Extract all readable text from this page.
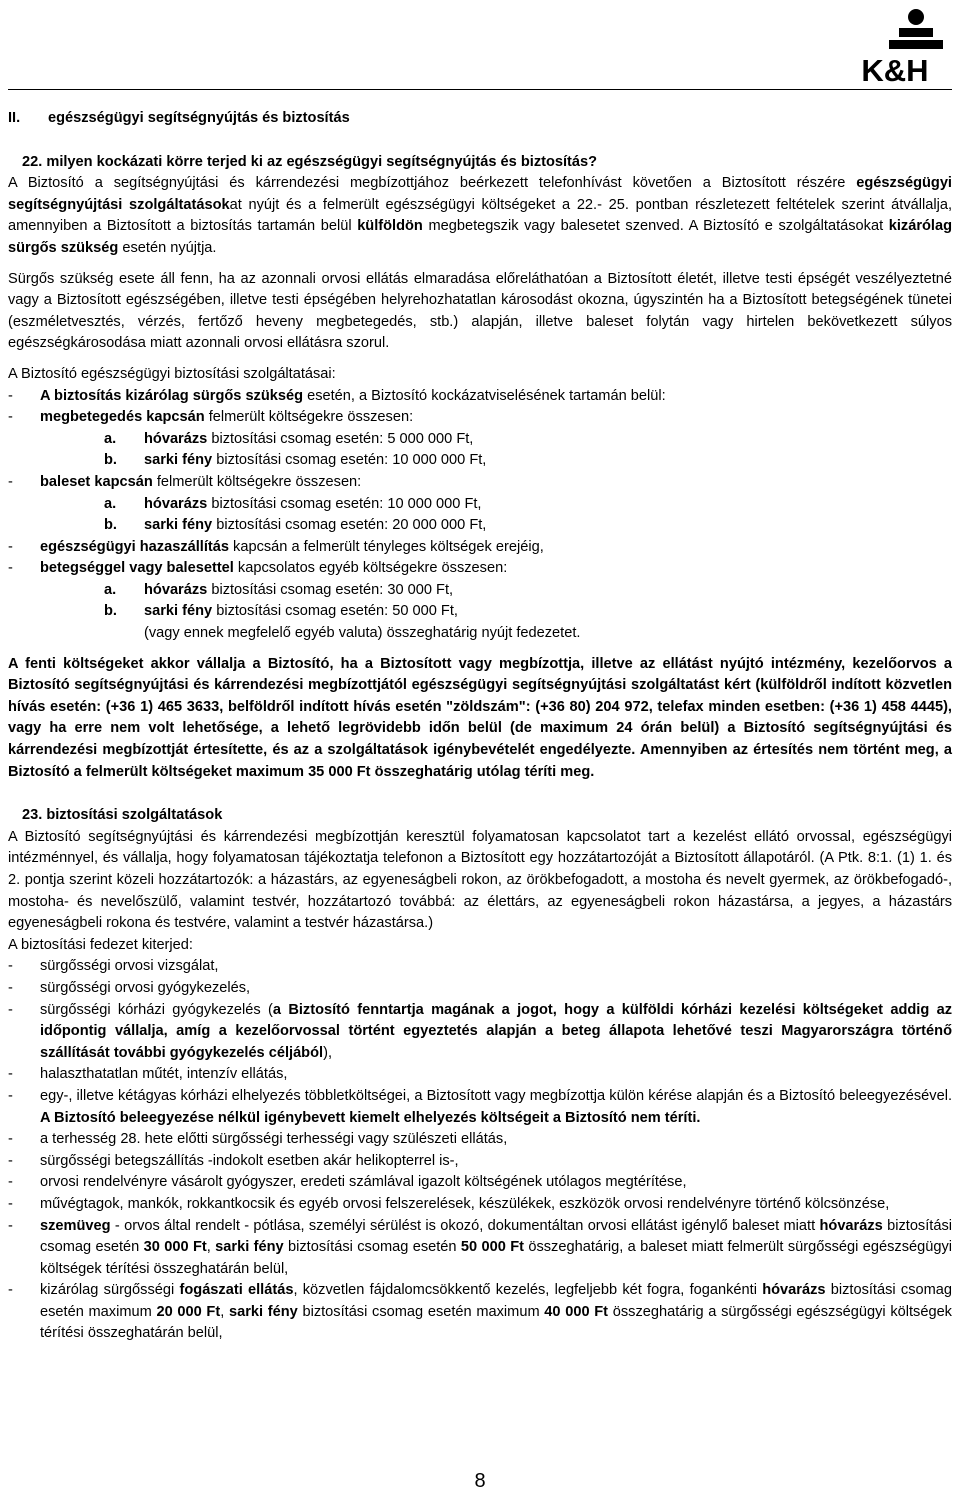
K&H
II.	egészségügyi segítségnyújtás és biztosítás
22. milyen kockázati körre terjed ki az egészségügyi segítségnyújtás és biztosítás?

A Biztosító a segítségnyújtási és kárrendezési megbízottjához beérkezett telefonhívást követően a Biztosított részére egészségügyi segítségnyújtási szolgáltatásokat nyújt és a felmerült egészségügyi költségeket a 22.- 25. pontban részletezett feltételek szerint átvállalja, amennyiben a Biztosított a biztosítás tartamán belül külföldön megbetegszik vagy balesetet szenved. A Biztosító e szolgáltatásokat kizárólag sürgős szükség esetén nyújtja.

Sürgős szükség esete áll fenn, ha az azonnali orvosi ellátás elmaradása előreláthatóan a Biztosított életét, illetve testi épségét veszélyeztetné vagy a Biztosított egészségében, illetve testi épségében helyrehozhatatlan károsodást okozna, úgyszintén ha a Biztosított betegségének tünetei (eszméletvesztés, vérzés, fertőző heveny megbetegedés, stb.) alapján, illetve baleset folytán vagy hirtelen bekövetkezett súlyos egészségkárosodása miatt azonnali orvosi ellátásra szorul.

A Biztosító egészségügyi biztosítási szolgáltatásai:

-	A biztosítás kizárólag sürgős szükség esetén, a Biztosító kockázatviselésének tartamán belül:
-	megbetegedés kapcsán felmerült költségekre összesen:
a.	hóvarázs biztosítási csomag esetén: 5 000 000 Ft,
b.	sarki fény biztosítási csomag esetén: 10 000 000 Ft,
-	baleset kapcsán felmerült költségekre összesen:
a.	hóvarázs biztosítási csomag esetén: 10 000 000 Ft,
b.	sarki fény biztosítási csomag esetén: 20 000 000 Ft,
-	egészségügyi hazaszállítás kapcsán a felmerült tényleges költségek erejéig,
-	betegséggel vagy balesettel kapcsolatos egyéb költségekre összesen:
a.	hóvarázs biztosítási csomag esetén: 30 000 Ft,
b.	sarki fény biztosítási csomag esetén: 50 000 Ft,
(vagy ennek megfelelő egyéb valuta) összeghatárig nyújt fedezetet.

A fenti költségeket akkor vállalja a Biztosító, ha a Biztosított vagy megbízottja, illetve az ellátást nyújtó intézmény, kezelőorvos a Biztosító segítségnyújtási és kárrendezési megbízottjától egészségügyi segítségnyújtási szolgáltatást kért (külföldről indított közvetlen hívás esetén: (+36 1) 465 3633, belföldről indított hívás esetén "zöldszám": (+36 80) 204 972, telefax minden esetben: (+36 1) 458 4445), vagy ha erre nem volt lehetősége, a lehető legrövidebb időn belül (de maximum 24 órán belül) a Biztosító segítségnyújtási és kárrendezési megbízottját értesítette, és az a szolgáltatások igénybevételét engedélyezte. Amennyiben az értesítés nem történt meg, a Biztosító a felmerült költségeket maximum 35 000 Ft összeghatárig utólag téríti meg.

23. biztosítási szolgáltatások

A Biztosító segítségnyújtási és kárrendezési megbízottján keresztül folyamatosan kapcsolatot tart a kezelést ellátó orvossal, egészségügyi intézménnyel, és vállalja, hogy folyamatosan tájékoztatja telefonon a Biztosított egy hozzátartozóját a Biztosított állapotáról. (A Ptk. 8:1. (1) 1. és 2. pontja szerint közeli hozzátartozók: a házastárs, az egyeneságbeli rokon, az örökbefogadott, a mostoha és nevelt gyermek, az örökbefogadó-, mostoha- és nevelőszülő, valamint testvér, hozzátartozó továbbá: az élettárs, az egyeneságbeli rokon házastársa, a jegyes, a házastárs egyeneságbeli rokona és testvére, valamint a testvér házastársa.)

A biztosítási fedezet kiterjed:

-	sürgősségi orvosi vizsgálat,
-	sürgősségi orvosi gyógykezelés,
-	sürgősségi kórházi gyógykezelés (a Biztosító fenntartja magának a jogot, hogy a külföldi kórházi kezelési költségeket addig az időpontig vállalja, amíg a kezelőorvossal történt egyeztetés alapján a beteg állapota lehetővé teszi Magyarországra történő szállítását további gyógykezelés céljából),
-	halaszthatatlan műtét, intenzív ellátás,
-	egy-, illetve kétágyas kórházi elhelyezés többletköltségei, a Biztosított vagy megbízottja külön kérése alapján és a Biztosító beleegyezésével. A Biztosító beleegyezése nélkül igénybevett kiemelt elhelyezés költségeit a Biztosító nem téríti.
-	a terhesség 28. hete előtti sürgősségi terhességi vagy szülészeti ellátás,
-	sürgősségi betegszállítás -indokolt esetben akár helikopterrel is-,
-	orvosi rendelvényre vásárolt gyógyszer, eredeti számlával igazolt költségének utólagos megtérítése,
-	művégtagok, mankók, rokkantkocsik és egyéb orvosi felszerelések, készülékek, eszközök orvosi rendelvényre történő kölcsönzése,
-	szemüveg - orvos által rendelt - pótlása, személyi sérülést is okozó, dokumentáltan orvosi ellátást igénylő baleset miatt hóvarázs biztosítási csomag esetén 30 000 Ft, sarki fény biztosítási csomag esetén 50 000 Ft összeghatárig, a baleset miatt felmerült sürgősségi egészségügyi költségek térítési összeghatárán belül,
-	kizárólag sürgősségi fogászati ellátás, közvetlen fájdalomcsökkentő kezelés, legfeljebb két fogra, fogankénti hóvarázs biztosítási csomag esetén maximum 20 000 Ft, sarki fény biztosítási csomag esetén maximum 40 000 Ft összeghatárig a sürgősségi egészségügyi költségek térítési összeghatárán belül,
8
